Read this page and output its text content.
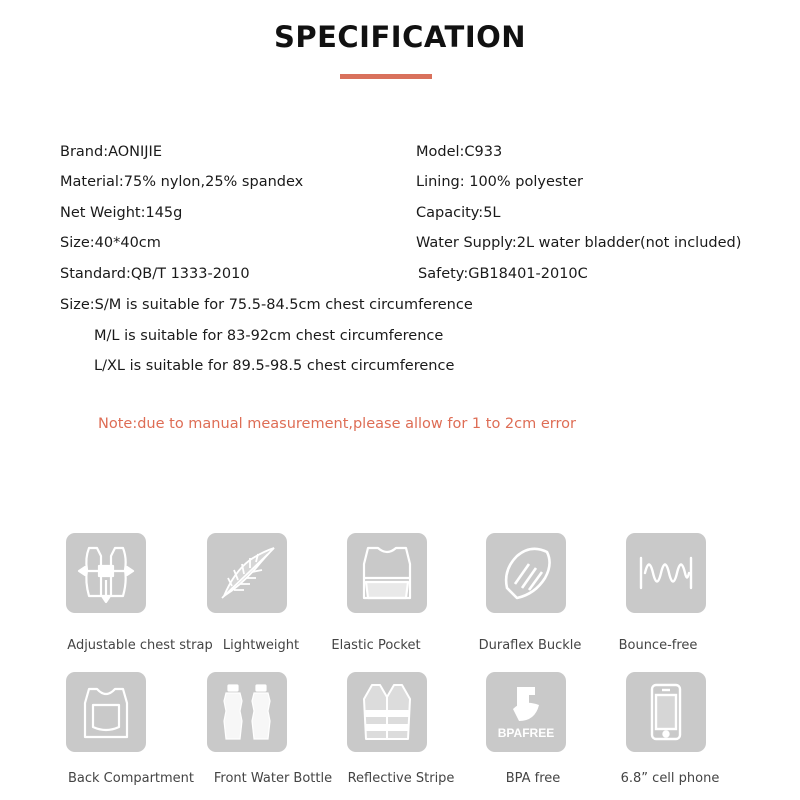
SPECIFICATION
Brand:AONIJIE	Model:C933
Material:75% nylon,25% spandex	Lining: 100% polyester
Net Weight:145g	Capacity:5L
Size:40*40cm	Water Supply:2L water bladder(not included)
Standard:QB/T 1333-2010	Safety:GB18401-2010C
Size:S/M is suitable for 75.5-84.5cm chest circumference
M/L is suitable for 83-92cm chest circumference
L/XL is suitable for 89.5-98.5 chest circumference
Note:due to manual measurement,please allow for 1 to 2cm error
Adjustable chest strap Lightweight	Elastic Pocket	Duraflex Buckle	Bounce-free
BPAFREE
Back Compartment	Front Water Bottle	Reflective Stripe	BPA free	6.8” cell phone
